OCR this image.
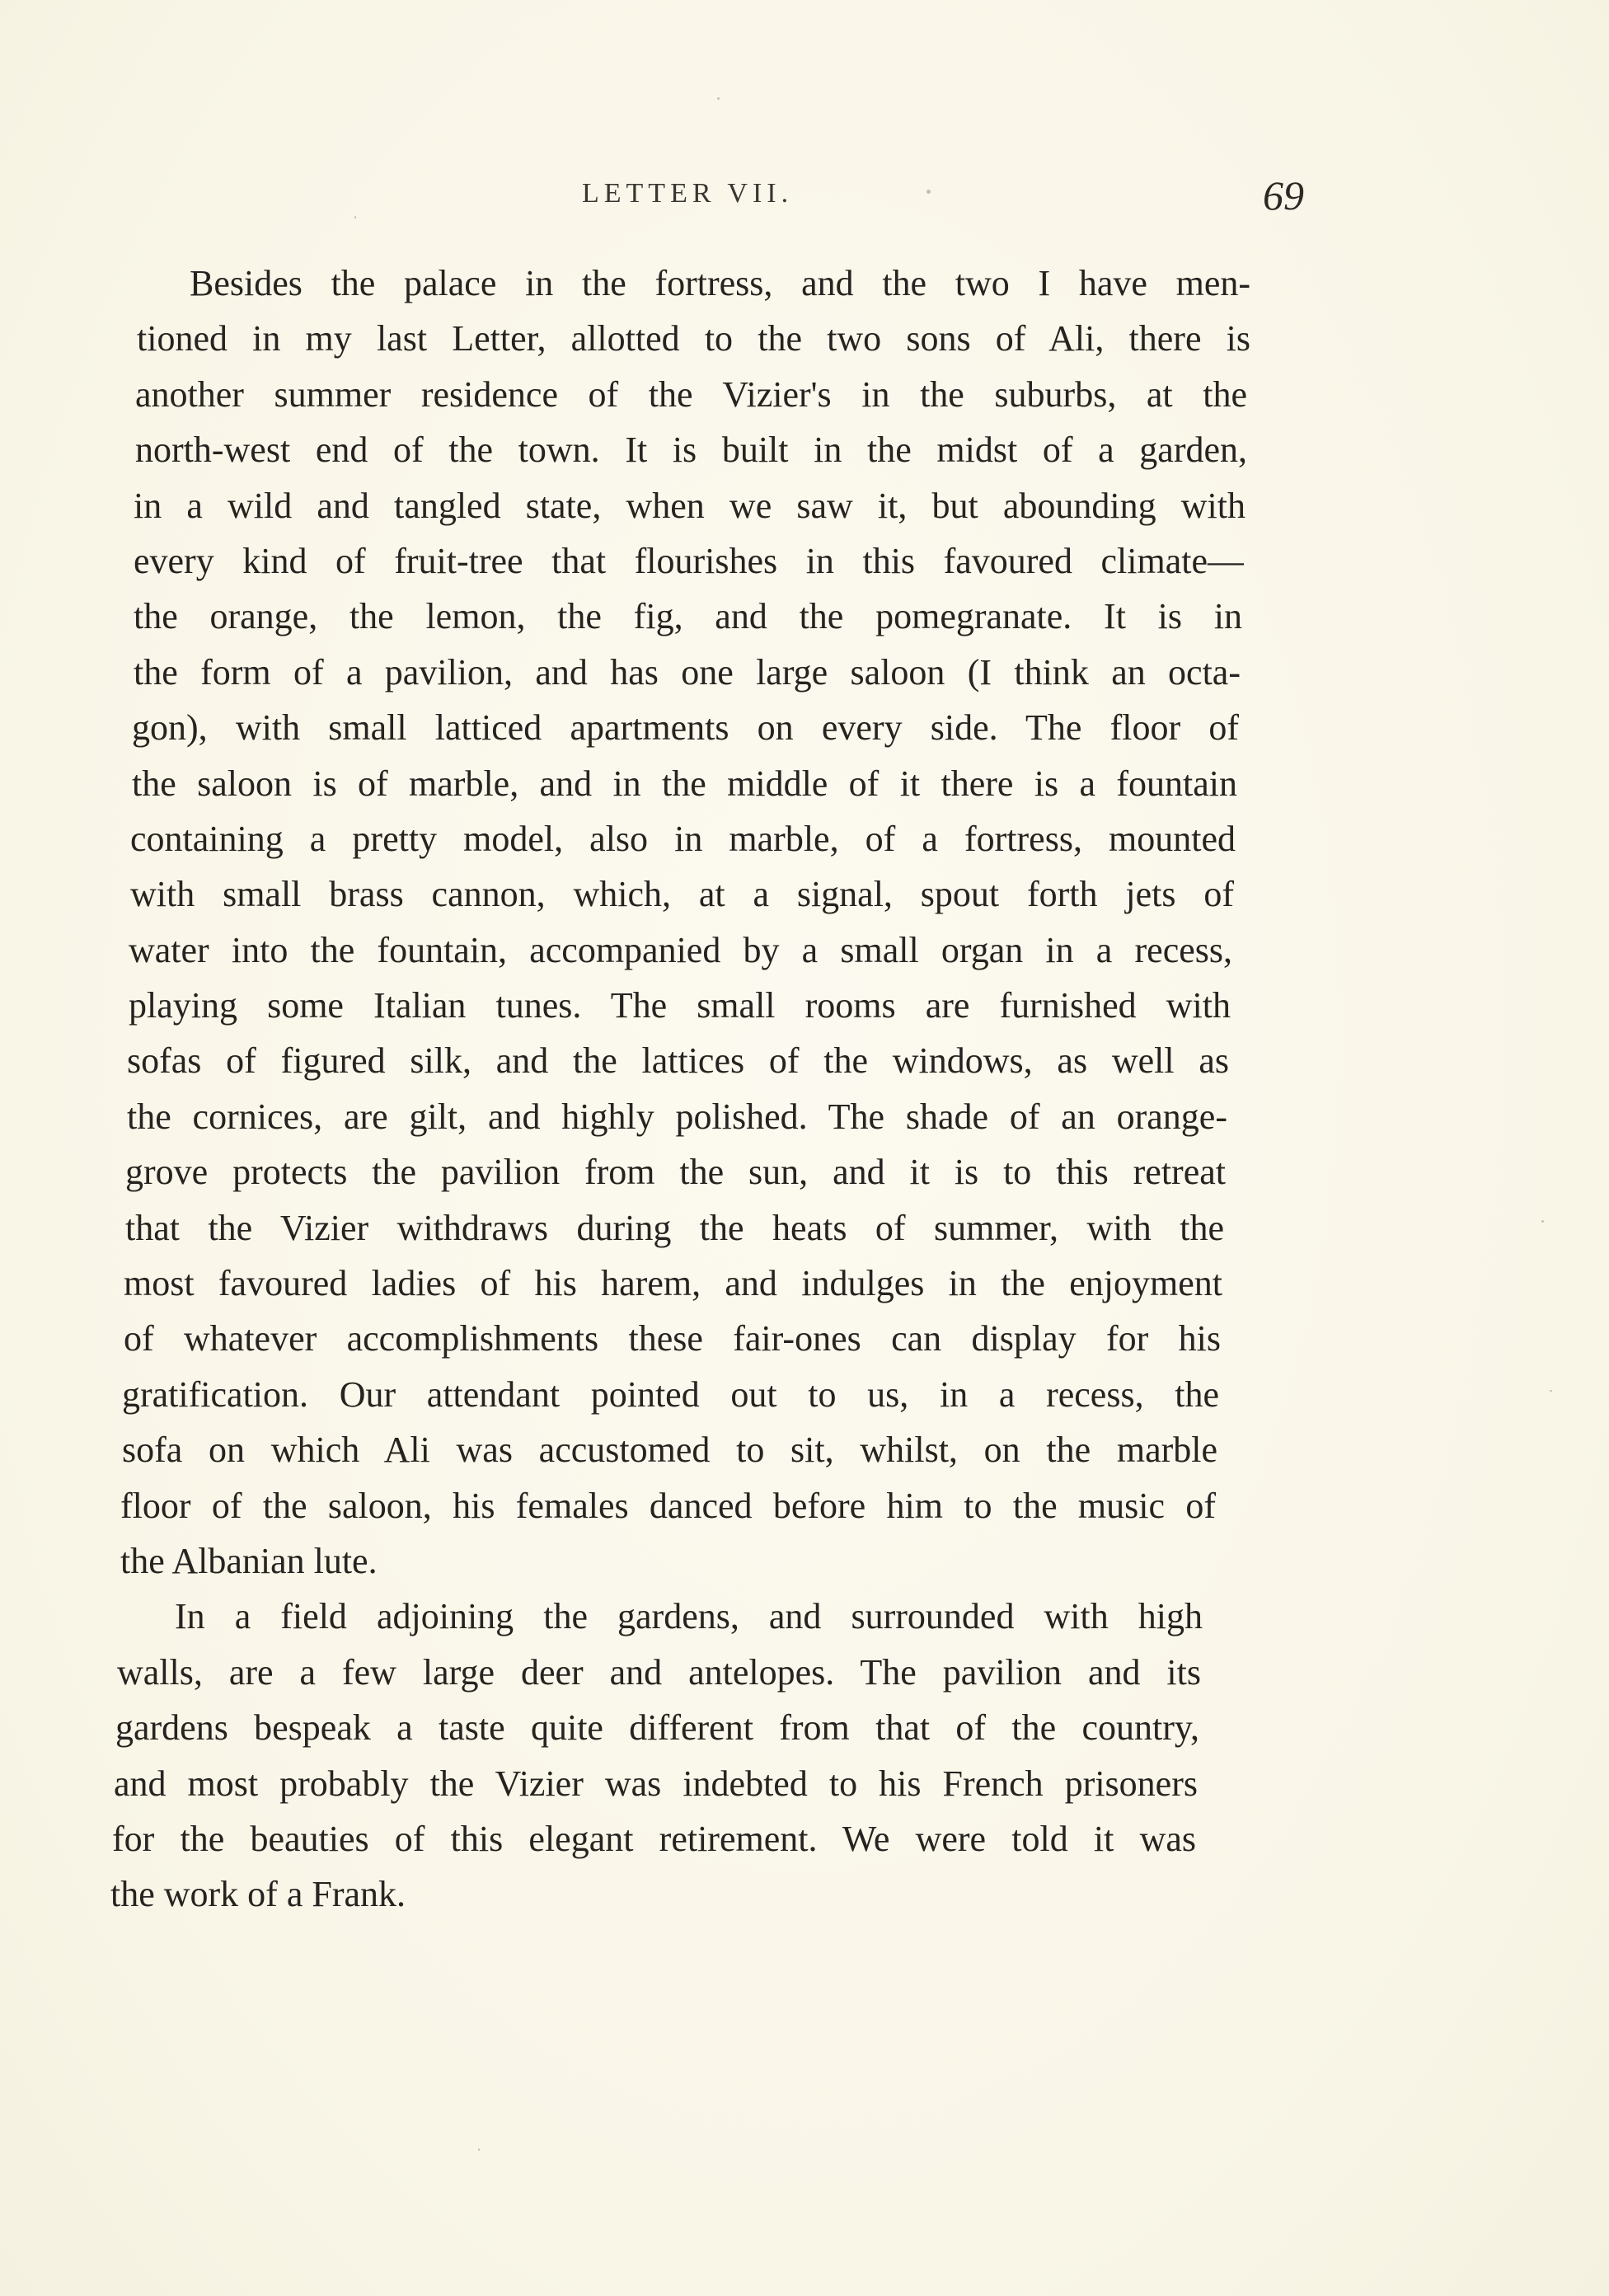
LETTER VII.	69
Besides the palace in the fortress, and the two I have men-
tioned in my last Letter, allotted to the two sons of Ali, there is
another summer residence of the Vizier's in the suburbs, at the
north-west end of the town. It is built in the midst of a garden,
in a wild and tangled state, when we saw it, but abounding with
every kind of fruit-tree that flourishes in this favoured climate—
the orange, the lemon, the fig, and the pomegranate. It is in
the form of a pavilion, and has one large saloon (I think an octa-
gon), with small latticed apartments on every side. The floor of
the saloon is of marble, and in the middle of it there is a fountain
containing a pretty model, also in marble, of a fortress, mounted
with small brass cannon, which, at a signal, spout forth jets of
water into the fountain, accompanied by a small organ in a recess,
playing some Italian tunes. The small rooms are furnished with
sofas of figured silk, and the lattices of the windows, as well as
the cornices, are gilt, and highly polished. The shade of an orange-
grove protects the pavilion from the sun, and it is to this retreat
that the Vizier withdraws during the heats of summer, with the
most favoured ladies of his harem, and indulges in the enjoyment
of whatever accomplishments these fair-ones can display for his
gratification. Our attendant pointed out to us, in a recess, the
sofa on which Ali was accustomed to sit, whilst, on the marble
floor of the saloon, his females danced before him to the music of
the Albanian lute.
In a field adjoining the gardens, and surrounded with high
walls, are a few large deer and antelopes. The pavilion and its
gardens bespeak a taste quite different from that of the country,
and most probably the Vizier was indebted to his French prisoners
for the beauties of this elegant retirement. We were told it was
the work of a Frank.
